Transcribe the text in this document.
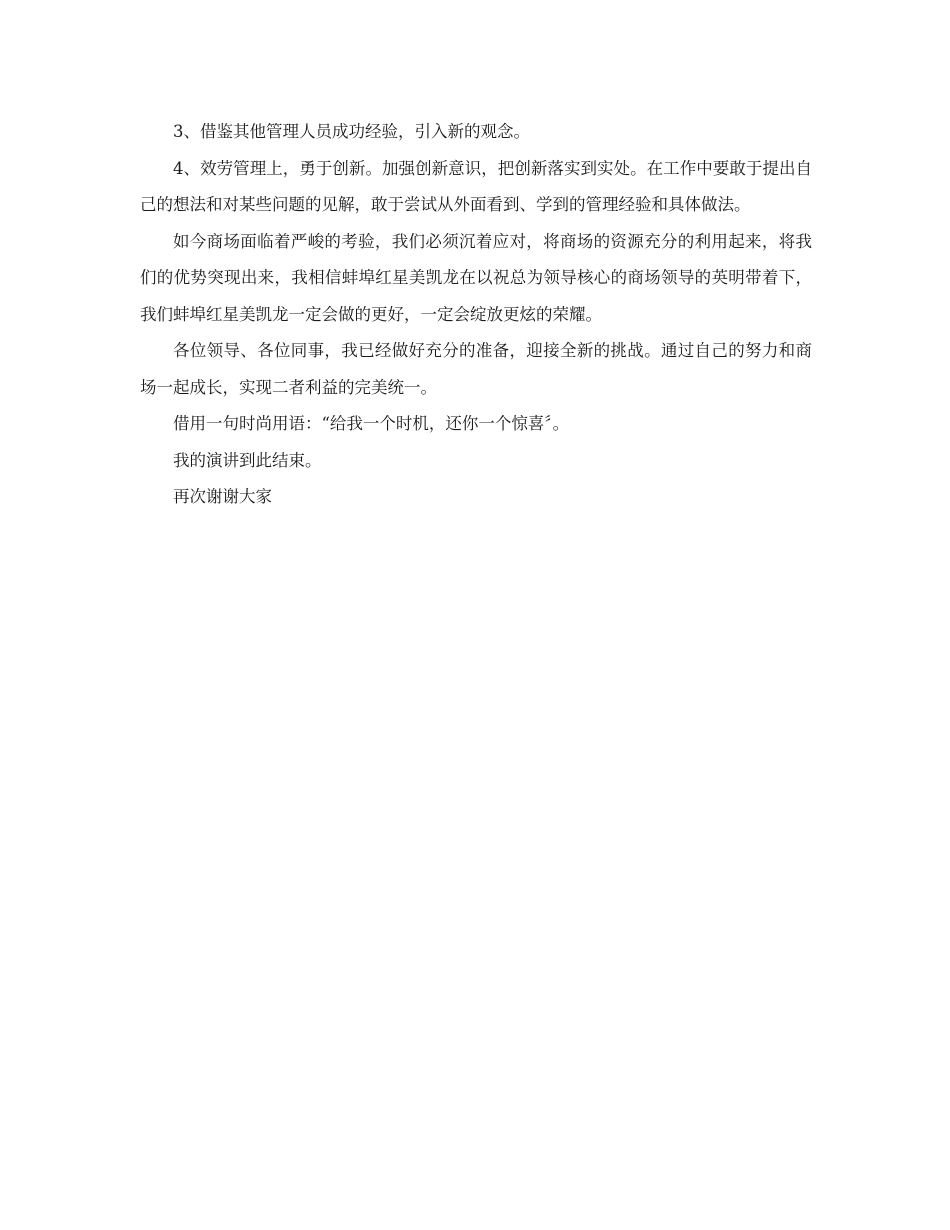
3、借鉴其他管理人员成功经验，引入新的观念。

4、效劳管理上，勇于创新。加强创新意识，把创新落实到实处。在工作中要敢于提出自己的想法和对某些问题的见解，敢于尝试从外面看到、学到的管理经验和具体做法。

如今商场面临着严峻的考验，我们必须沉着应对，将商场的资源充分的利用起来，将我们的优势突现出来，我相信蚌埠红星美凯龙在以祝总为领导核心的商场领导的英明带着下，我们蚌埠红星美凯龙一定会做的更好，一定会绽放更炫的荣耀。

各位领导、各位同事，我已经做好充分的准备，迎接全新的挑战。通过自己的努力和商场一起成长，实现二者利益的完美统一。

借用一句时尚用语：“给我一个时机，还你一个惊喜〞。

我的演讲到此结束。

再次谢谢大家
